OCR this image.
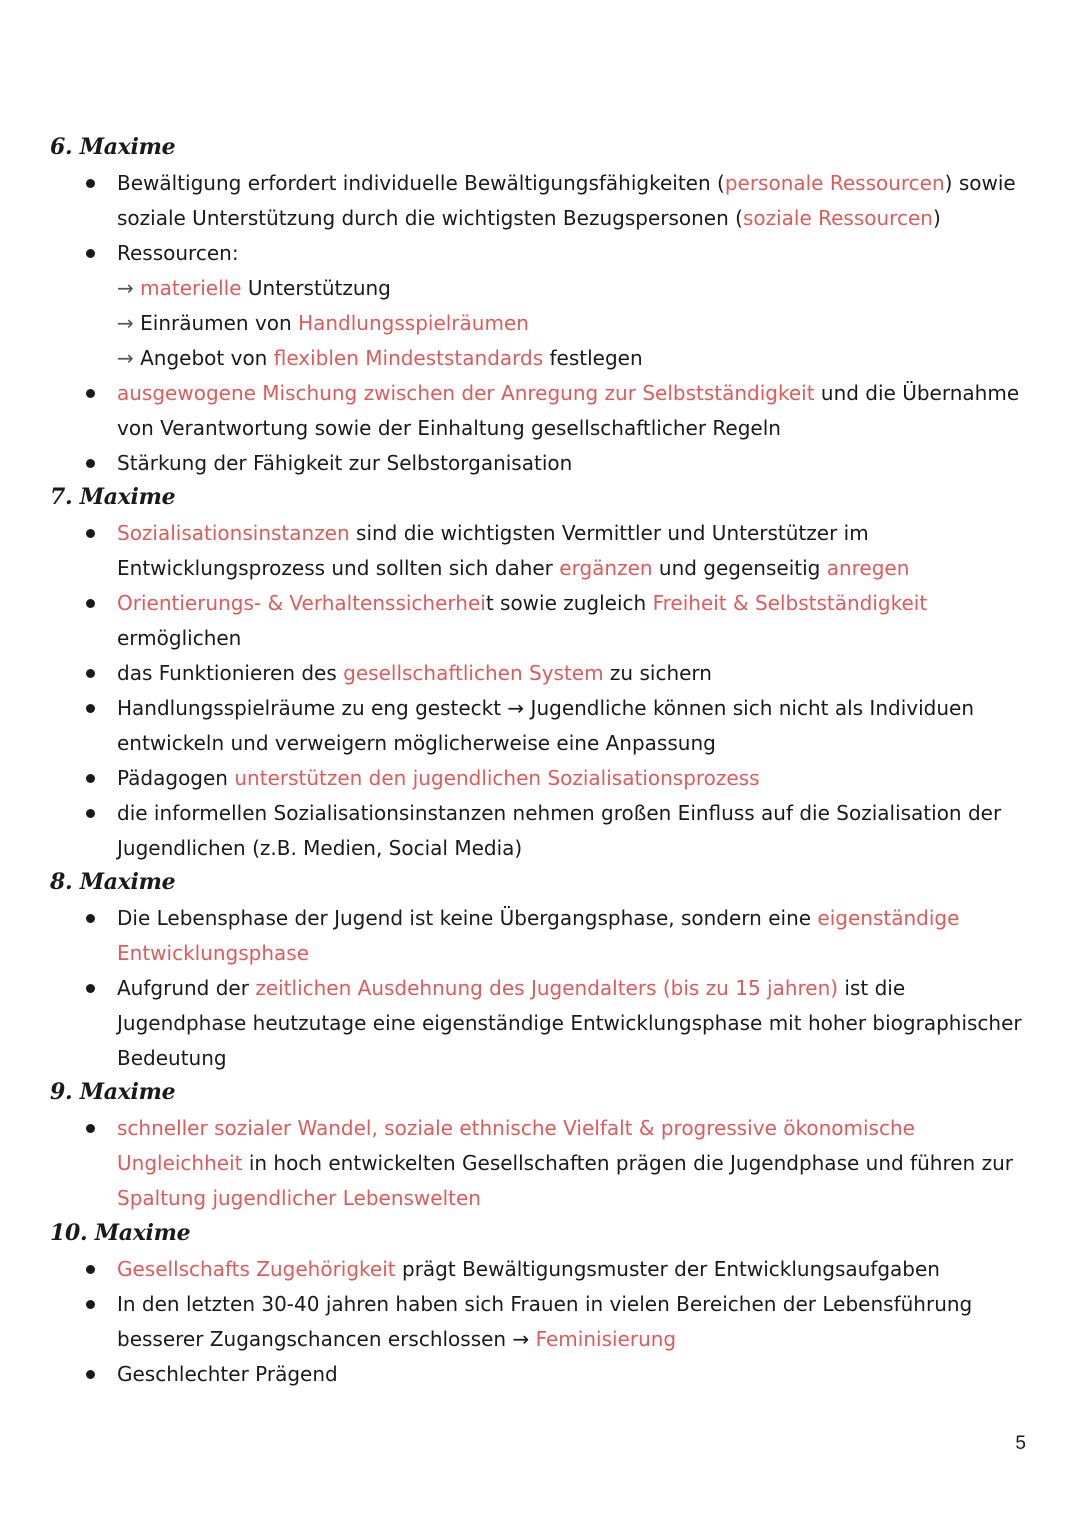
6. Maxime
Bewältigung erfordert individuelle Bewältigungsfähigkeiten (personale Ressourcen) sowie soziale Unterstützung durch die wichtigsten Bezugspersonen (soziale Ressourcen)
Ressourcen:
→ materielle Unterstützung
→ Einräumen von Handlungsspielräumen
→ Angebot von flexiblen Mindeststandards festlegen
ausgewogene Mischung zwischen der Anregung zur Selbstständigkeit und die Übernahme von Verantwortung sowie der Einhaltung gesellschaftlicher Regeln
Stärkung der Fähigkeit zur Selbstorganisation
7. Maxime
Sozialisationsinstanzen sind die wichtigsten Vermittler und Unterstützer im Entwicklungsprozess und sollten sich daher ergänzen und gegenseitig anregen
Orientierungs- & Verhaltenssicherheit sowie zugleich Freiheit & Selbstständigkeit ermöglichen
das Funktionieren des gesellschaftlichen System zu sichern
Handlungsspielräume zu eng gesteckt → Jugendliche können sich nicht als Individuen entwickeln und verweigern möglicherweise eine Anpassung
Pädagogen unterstützen den jugendlichen Sozialisationsprozess
die informellen Sozialisationsinstanzen nehmen großen Einfluss auf die Sozialisation der Jugendlichen (z.B. Medien, Social Media)
8. Maxime
Die Lebensphase der Jugend ist keine Übergangsphase, sondern eine eigenständige Entwicklungsphase
Aufgrund der zeitlichen Ausdehnung des Jugendalters (bis zu 15 jahren) ist die Jugendphase heutzutage eine eigenständige Entwicklungsphase mit hoher biographischer Bedeutung
9. Maxime
schneller sozialer Wandel, soziale ethnische Vielfalt & progressive ökonomische Ungleichheit in hoch entwickelten Gesellschaften prägen die Jugendphase und führen zur Spaltung jugendlicher Lebenswelten
10. Maxime
Gesellschafts Zugehörigkeit prägt Bewältigungsmuster der Entwicklungsaufgaben
In den letzten 30-40 jahren haben sich Frauen in vielen Bereichen der Lebensführung besserer Zugangschancen erschlossen → Feminisierung
Geschlechter Prägend
5
